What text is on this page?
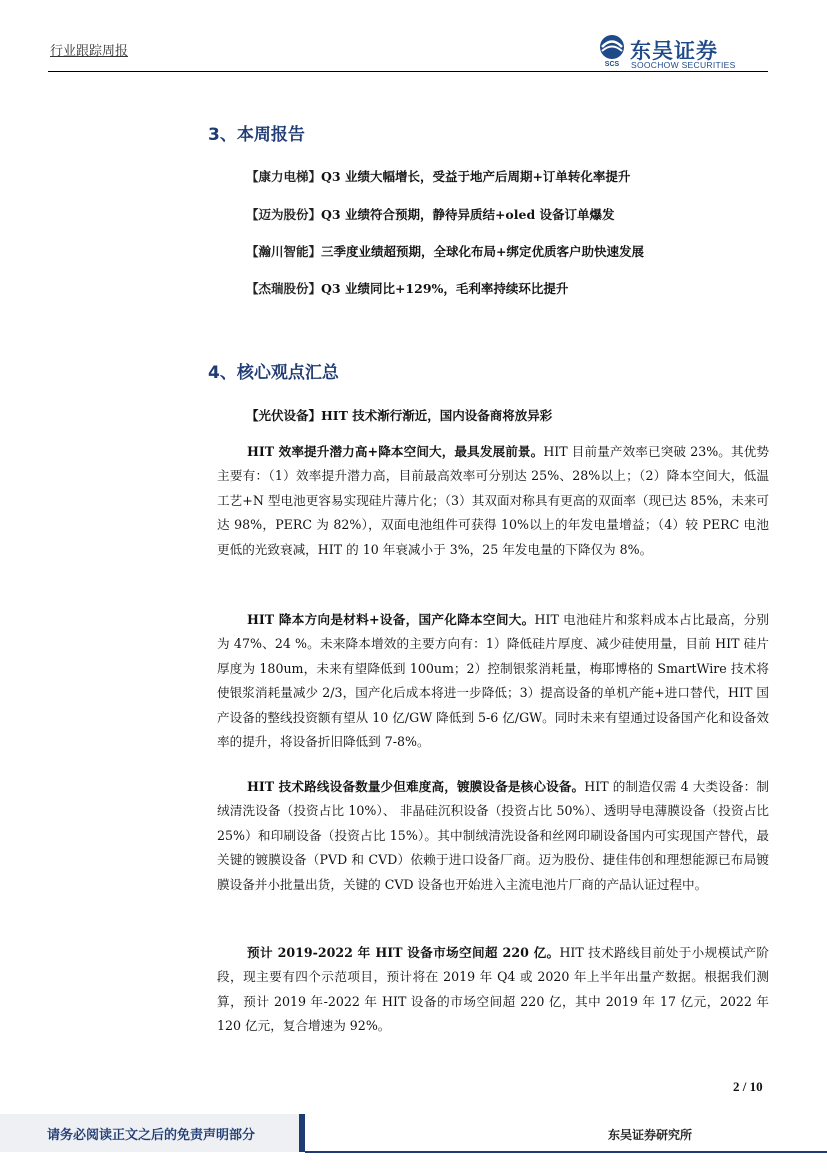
行业跟踪周报
SCS
东吴证券
SOOCHOW SECURITIES
3、本周报告
【康力电梯】Q3 业绩大幅增长，受益于地产后周期+订单转化率提升
【迈为股份】Q3 业绩符合预期，静待异质结+oled 设备订单爆发
【瀚川智能】三季度业绩超预期，全球化布局+绑定优质客户助快速发展
【杰瑞股份】Q3 业绩同比+129%，毛利率持续环比提升
4、核心观点汇总
【光伏设备】HIT 技术渐行渐近，国内设备商将放异彩
HIT 效率提升潜力高+降本空间大，最具发展前景。HIT 目前量产效率已突破 23%。其优势主要有：（1）效率提升潜力高，目前最高效率可分别达 25%、28%以上；（2）降本空间大，低温工艺+N 型电池更容易实现硅片薄片化；（3）其双面对称具有更高的双面率（现已达 85%，未来可达 98%，PERC 为 82%），双面电池组件可获得 10%以上的年发电量增益；（4）较 PERC 电池更低的光致衰减，HIT 的 10 年衰减小于 3%，25 年发电量的下降仅为 8%。
HIT 降本方向是材料+设备，国产化降本空间大。HIT 电池硅片和浆料成本占比最高，分别为 47%、24 %。未来降本增效的主要方向有：1）降低硅片厚度、减少硅使用量，目前 HIT 硅片厚度为 180um，未来有望降低到 100um；2）控制银浆消耗量，梅耶博格的 SmartWire 技术将使银浆消耗量减少 2/3，国产化后成本将进一步降低；3）提高设备的单机产能+进口替代，HIT 国产设备的整线投资额有望从 10 亿/GW 降低到 5-6 亿/GW。同时未来有望通过设备国产化和设备效率的提升，将设备折旧降低到 7-8%。
HIT 技术路线设备数量少但难度高，镀膜设备是核心设备。HIT 的制造仅需 4 大类设备：制绒清洗设备（投资占比 10%）、 非晶硅沉积设备（投资占比 50%）、透明导电薄膜设备（投资占比 25%）和印刷设备（投资占比 15%）。其中制绒清洗设备和丝网印刷设备国内可实现国产替代，最关键的镀膜设备（PVD 和 CVD）依赖于进口设备厂商。迈为股份、捷佳伟创和理想能源已布局镀膜设备并小批量出货，关键的 CVD 设备也开始进入主流电池片厂商的产品认证过程中。
预计 2019-2022 年 HIT 设备市场空间超 220 亿。HIT 技术路线目前处于小规模试产阶段，现主要有四个示范项目，预计将在 2019 年 Q4 或 2020 年上半年出量产数据。根据我们测算，预计 2019 年-2022 年 HIT 设备的市场空间超 220 亿，其中 2019 年 17 亿元，2022 年 120 亿元，复合增速为 92%。
2 / 10
请务必阅读正文之后的免责声明部分	东吴证券研究所
